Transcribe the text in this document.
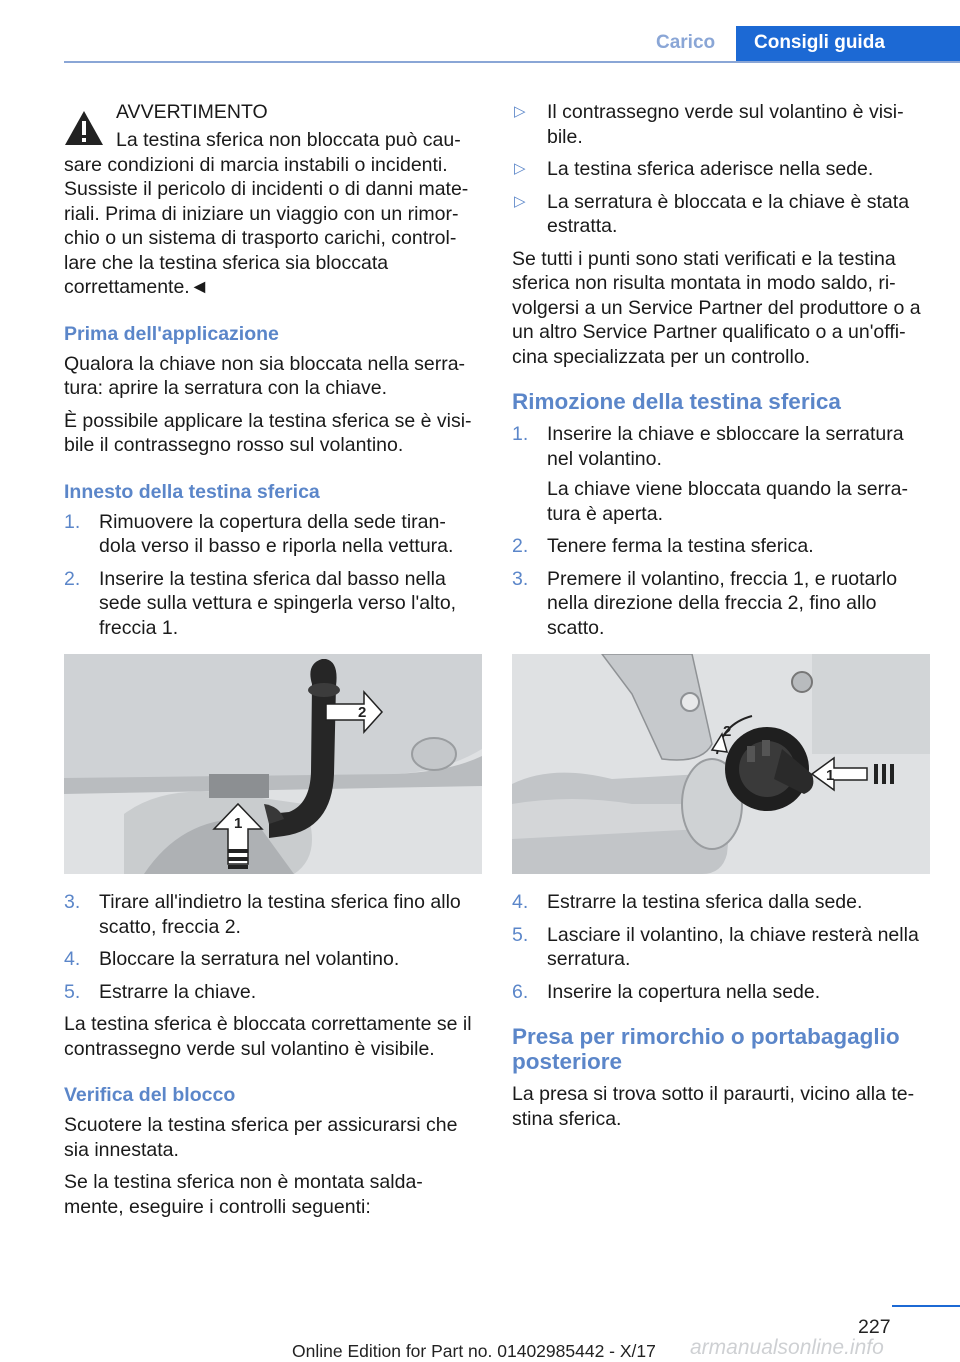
Carico	Consigli guida
AVVERTIMENTO

La testina sferica non bloccata può cau-sare condizioni di marcia instabili o incidenti. Sussiste il pericolo di incidenti o di danni mate-riali. Prima di iniziare un viaggio con un rimor-chio o un sistema di trasporto carichi, control-lare che la testina sferica sia bloccata correttamente.◄

Prima dell'applicazione

Qualora la chiave non sia bloccata nella serra-tura: aprire la serratura con la chiave.

È possibile applicare la testina sferica se è visi-bile il contrassegno rosso sul volantino.

Innesto della testina sferica
1. Rimuovere la copertura della sede tiran-dola verso il basso e riporla nella vettura.
2. Inserire la testina sferica dal basso nella sede sulla vettura e spingerla verso l'alto, freccia 1.
2
1
3. Tirare all'indietro la testina sferica fino allo scatto, freccia 2.
4. Bloccare la serratura nel volantino.
5. Estrarre la chiave.

La testina sferica è bloccata correttamente se il contrassegno verde sul volantino è visibile.

Verifica del blocco

Scuotere la testina sferica per assicurarsi che sia innestata.

Se la testina sferica non è montata salda-mente, eseguire i controlli seguenti:

▷ Il contrassegno verde sul volantino è visi-bile.
▷ La testina sferica aderisce nella sede.
▷ La serratura è bloccata e la chiave è stata estratta.

Se tutti i punti sono stati verificati e la testina sferica non risulta montata in modo saldo, ri-volgersi a un Service Partner del produttore o a un altro Service Partner qualificato o a un'offi-cina specializzata per un controllo.

Rimozione della testina sferica
1. Inserire la chiave e sbloccare la serratura nel volantino.
La chiave viene bloccata quando la serra-tura è aperta.
2. Tenere ferma la testina sferica.
3. Premere il volantino, freccia 1, e ruotarlo nella direzione della freccia 2, fino allo scatto.
2
1
4. Estrarre la testina sferica dalla sede.
5. Lasciare il volantino, la chiave resterà nella serratura.
6. Inserire la copertura nella sede.
Presa per rimorchio o portabagaglio posteriore

La presa si trova sotto il paraurti, vicino alla te-stina sferica.

227
Online Edition for Part no. 01402985442 - X/17 armanualsonline.info
